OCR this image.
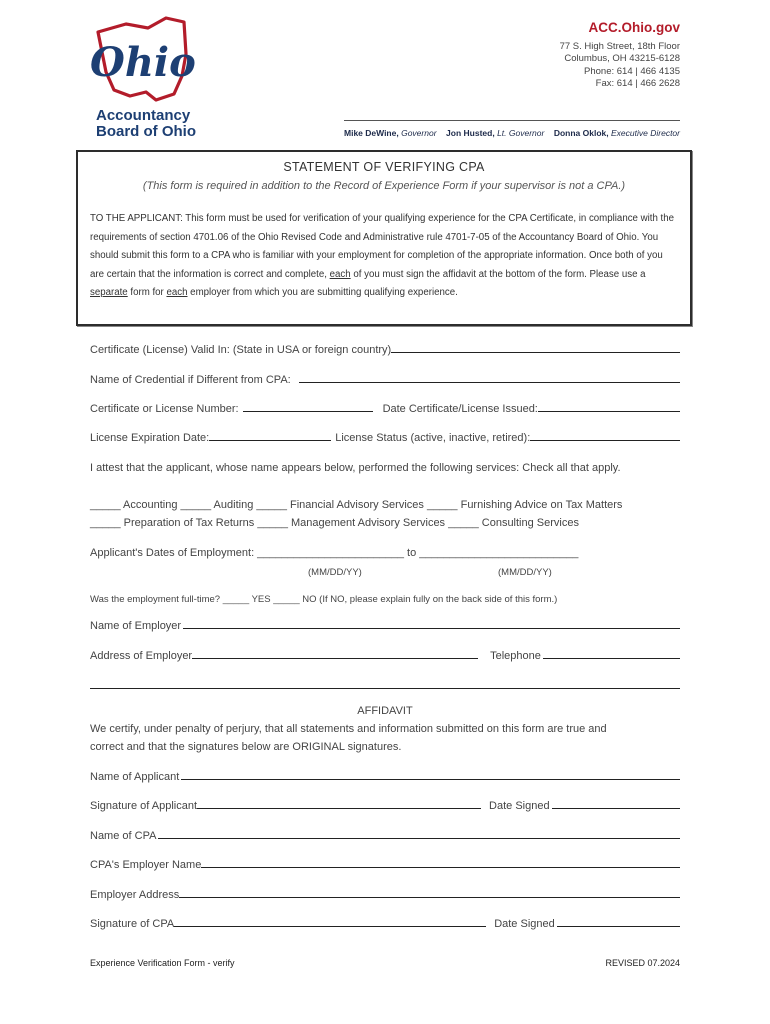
Ohio
Accountancy
Board of Ohio
ACC.Ohio.gov
77 S. High Street, 18th Floor
Columbus, OH 43215-6128
Phone: 614 | 466 4135
Fax: 614 | 466 2628
Mike DeWine, Governor Jon Husted, Lt. Governor Donna Oklok, Executive Director
STATEMENT OF VERIFYING CPA
(This form is required in addition to the Record of Experience Form if your supervisor is not a CPA.)
TO THE APPLICANT: This form must be used for verification of your qualifying experience for the CPA Certificate, in compliance with the requirements of section 4701.06 of the Ohio Revised Code and Administrative rule 4701-7-05 of the Accountancy Board of Ohio. You should submit this form to a CPA who is familiar with your employment for completion of the appropriate information. Once both of you are certain that the information is correct and complete, each of you must sign the affidavit at the bottom of the form. Please use a separate form for each employer from which you are submitting qualifying experience.
Certificate (License) Valid In: (State in USA or foreign country)
Name of Credential if Different from CPA:
Certificate or License Number:	Date Certificate/License Issued:
License Expiration Date:	License Status (active, inactive, retired):
I attest that the applicant, whose name appears below, performed the following services: Check all that apply.
_____ Accounting _____ Auditing _____ Financial Advisory Services _____ Furnishing Advice on Tax Matters
_____ Preparation of Tax Returns _____ Management Advisory Services _____ Consulting Services
Applicant's Dates of Employment: ________________________ to __________________________
(MM/DD/YY)	(MM/DD/YY)
Was the employment full-time? _____ YES _____ NO (If NO, please explain fully on the back side of this form.)
Name of Employer
Address of Employer	Telephone
AFFIDAVIT
We certify, under penalty of perjury, that all statements and information submitted on this form are true and
correct and that the signatures below are ORIGINAL signatures.
Name of Applicant
Signature of Applicant	Date Signed
Name of CPA
CPA's Employer Name
Employer Address
Signature of CPA	Date Signed
Experience Verification Form - verify	REVISED 07.2024
